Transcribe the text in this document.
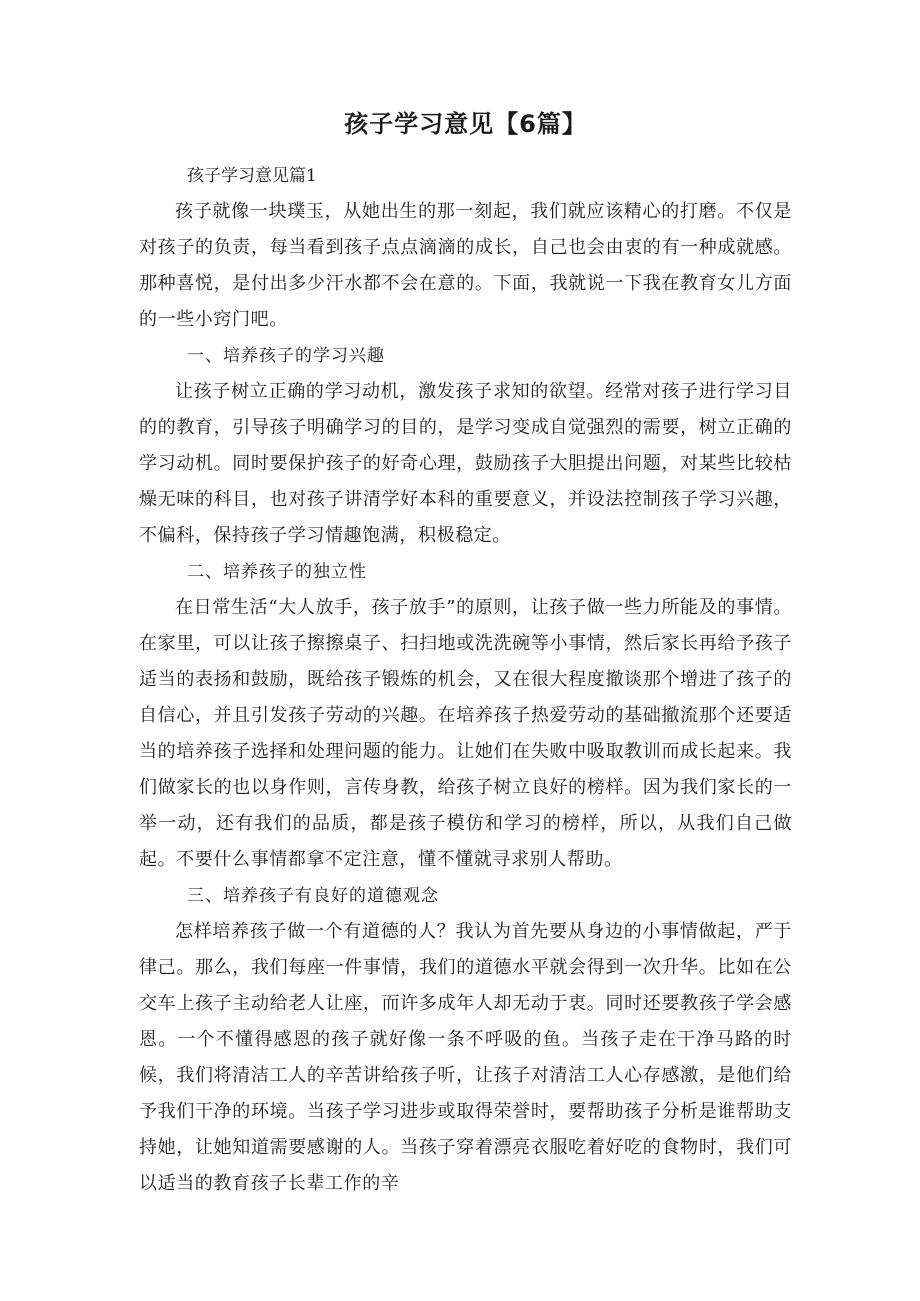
孩子学习意见【6篇】

孩子学习意见篇1

孩子就像一块璞玉，从她出生的那一刻起，我们就应该精心的打磨。不仅是对孩子的负责，每当看到孩子点点滴滴的成长，自己也会由衷的有一种成就感。那种喜悦，是付出多少汗水都不会在意的。下面，我就说一下我在教育女儿方面的一些小窍门吧。

一、培养孩子的学习兴趣

让孩子树立正确的学习动机，激发孩子求知的欲望。经常对孩子进行学习目的的教育，引导孩子明确学习的目的，是学习变成自觉强烈的需要，树立正确的学习动机。同时要保护孩子的好奇心理，鼓励孩子大胆提出问题，对某些比较枯燥无味的科目，也对孩子讲清学好本科的重要意义，并设法控制孩子学习兴趣，不偏科，保持孩子学习情趣饱满，积极稳定。

二、培养孩子的独立性

在日常生活“大人放手，孩子放手”的原则，让孩子做一些力所能及的事情。在家里，可以让孩子擦擦桌子、扫扫地或洗洗碗等小事情，然后家长再给予孩子适当的表扬和鼓励，既给孩子锻炼的机会，又在很大程度撤谈那个增进了孩子的自信心，并且引发孩子劳动的兴趣。在培养孩子热爱劳动的基础撤流那个还要适当的培养孩子选择和处理问题的能力。让她们在失败中吸取教训而成长起来。我们做家长的也以身作则，言传身教，给孩子树立良好的榜样。因为我们家长的一举一动，还有我们的品质，都是孩子模仿和学习的榜样，所以，从我们自己做起。不要什么事情都拿不定注意，懂不懂就寻求别人帮助。

三、培养孩子有良好的道德观念

怎样培养孩子做一个有道德的人？我认为首先要从身边的小事情做起，严于律己。那么，我们每座一件事情，我们的道德水平就会得到一次升华。比如在公交车上孩子主动给老人让座，而许多成年人却无动于衷。同时还要教孩子学会感恩。一个不懂得感恩的孩子就好像一条不呼吸的鱼。当孩子走在干净马路的时候，我们将清洁工人的辛苦讲给孩子听，让孩子对清洁工人心存感激，是他们给予我们干净的环境。当孩子学习进步或取得荣誉时，要帮助孩子分析是谁帮助支持她，让她知道需要感谢的人。当孩子穿着漂亮衣服吃着好吃的食物时，我们可以适当的教育孩子长辈工作的辛
